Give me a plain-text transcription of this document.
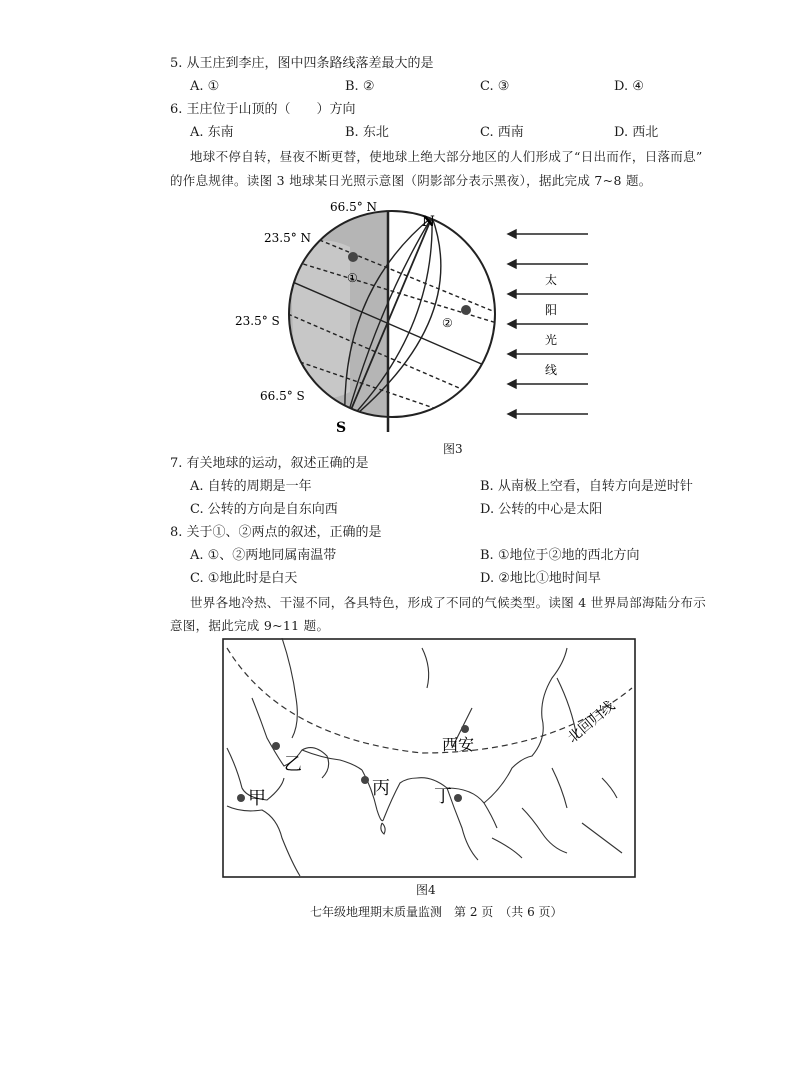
5. 从王庄到李庄，图中四条路线落差最大的是
A. ①	B. ②	C. ③	D. ④
6. 王庄位于山顶的（　　）方向
A. 东南	B. 东北	C. 西南	D. 西北
地球不停自转，昼夜不断更替，使地球上绝大部分地区的人们形成了“日出而作，日落而息”
的作息规律。读图 3 地球某日光照示意图（阴影部分表示黑夜），据此完成 7~8 题。
66.5° N
23.5° N
23.5° S
66.5° S
N
S
①
②
太
阳
光
线
图3
7. 有关地球的运动，叙述正确的是
A. 自转的周期是一年	B. 从南极上空看，自转方向是逆时针
C. 公转的方向是自东向西	D. 公转的中心是太阳
8. 关于①、②两点的叙述，正确的是
A. ①、②两地同属南温带	B. ①地位于②地的西北方向
C. ①地此时是白天	D. ②地比①地时间早
世界各地冷热、干湿不同，各具特色，形成了不同的气候类型。读图 4 世界局部海陆分布示
意图，据此完成 9~11 题。
北回归线
西安
乙
甲	丙 丁
图4
七年级地理期末质量监测　第 2 页　（共 6 页）
